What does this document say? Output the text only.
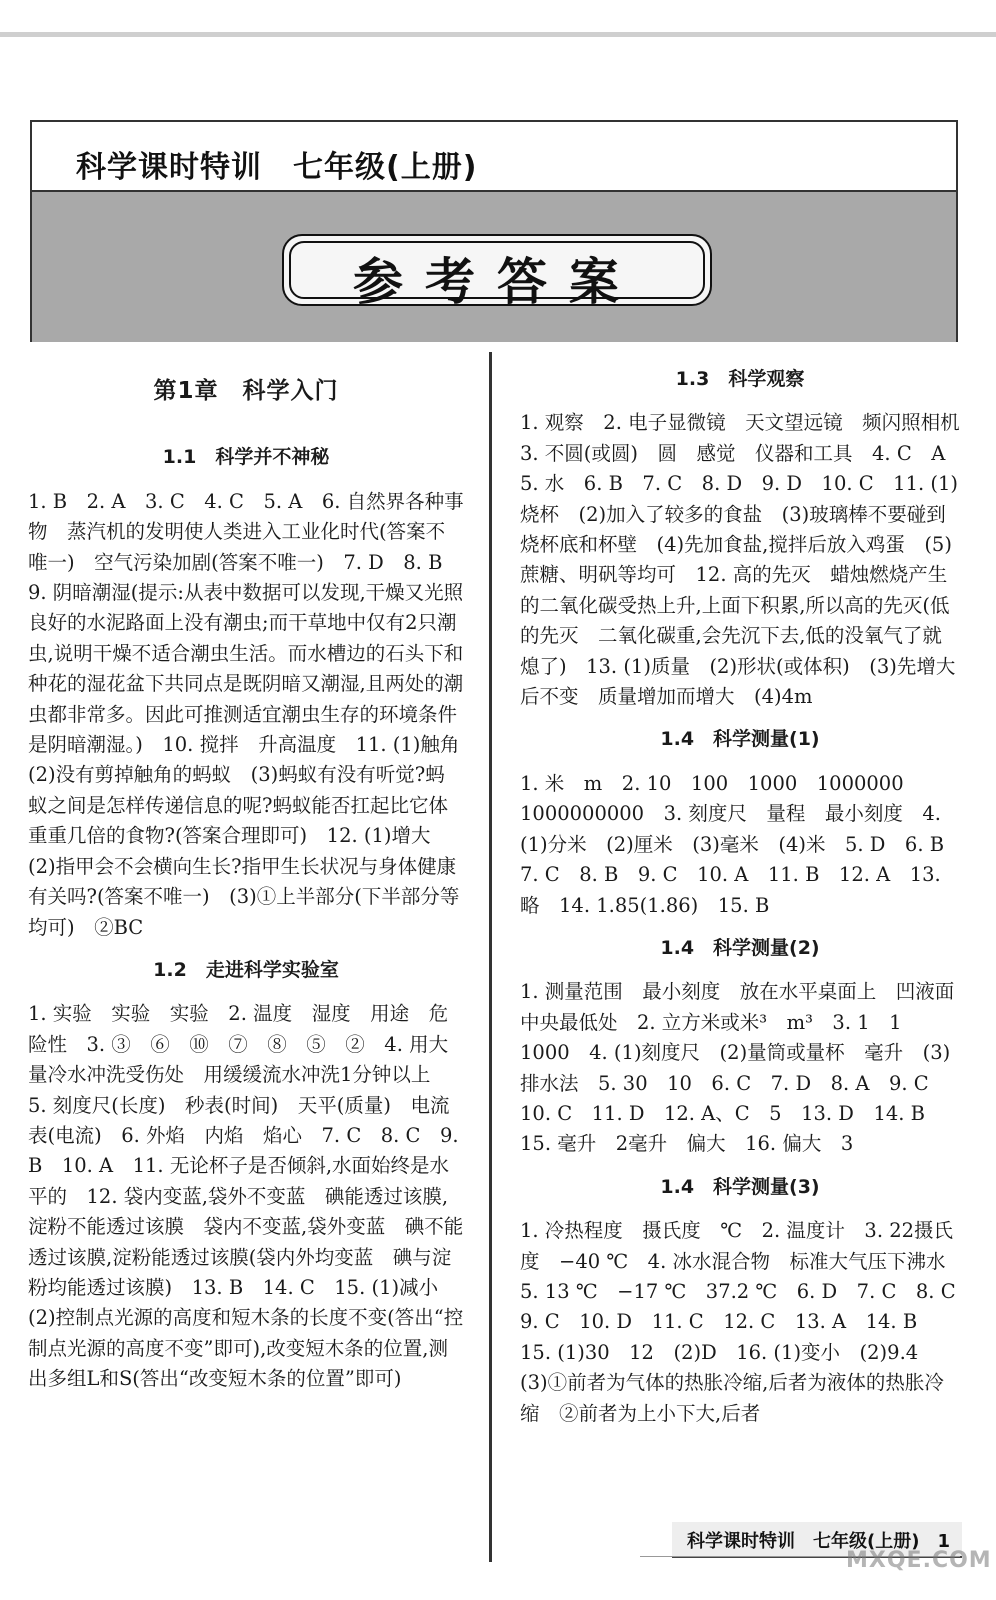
科学课时特训　七年级(上册)
参考答案
第1章　科学入门
1.1　科学并不神秘

1. B　2. A　3. C　4. C　5. A　6. 自然界各种事物　蒸汽机的发明使人类进入工业化时代(答案不唯一)　空气污染加剧(答案不唯一)　7. D　8. B　9. 阴暗潮湿(提示:从表中数据可以发现,干燥又光照良好的水泥路面上没有潮虫;而干草地中仅有2只潮虫,说明干燥不适合潮虫生活。而水槽边的石头下和种花的湿花盆下共同点是既阴暗又潮湿,且两处的潮虫都非常多。因此可推测适宜潮虫生存的环境条件是阴暗潮湿。)　10. 搅拌　升高温度　11. (1)触角　(2)没有剪掉触角的蚂蚁　(3)蚂蚁有没有听觉?蚂蚁之间是怎样传递信息的呢?蚂蚁能否扛起比它体重重几倍的食物?(答案合理即可)　12. (1)增大　(2)指甲会不会横向生长?指甲生长状况与身体健康有关吗?(答案不唯一)　(3)①上半部分(下半部分等均可)　②BC

1.2　走进科学实验室

1. 实验　实验　实验　2. 温度　湿度　用途　危险性　3. ③　⑥　⑩　⑦　⑧　⑤　②　4. 用大量冷水冲洗受伤处　用缓缓流水冲洗1分钟以上　5. 刻度尺(长度)　秒表(时间)　天平(质量)　电流表(电流)　6. 外焰　内焰　焰心　7. C　8. C　9. B　10. A　11. 无论杯子是否倾斜,水面始终是水平的　12. 袋内变蓝,袋外不变蓝　碘能透过该膜,淀粉不能透过该膜　袋内不变蓝,袋外变蓝　碘不能透过该膜,淀粉能透过该膜(袋内外均变蓝　碘与淀粉均能透过该膜)　13. B　14. C　15. (1)减小　(2)控制点光源的高度和短木条的长度不变(答出“控制点光源的高度不变”即可),改变短木条的位置,测出多组L和S(答出“改变短木条的位置”即可)

1.3　科学观察

1. 观察　2. 电子显微镜　天文望远镜　频闪照相机　3. 不圆(或圆)　圆　感觉　仪器和工具　4. C　A　5. 水　6. B　7. C　8. D　9. D　10. C　11. (1)烧杯　(2)加入了较多的食盐　(3)玻璃棒不要碰到烧杯底和杯壁　(4)先加食盐,搅拌后放入鸡蛋　(5)蔗糖、明矾等均可　12. 高的先灭　蜡烛燃烧产生的二氧化碳受热上升,上面下积累,所以高的先灭(低的先灭　二氧化碳重,会先沉下去,低的没氧气了就熄了)　13. (1)质量　(2)形状(或体积)　(3)先增大后不变　质量增加而增大　(4)4m

1.4　科学测量(1)

1. 米　m　2. 10　100　1000　1000000　1000000000　3. 刻度尺　量程　最小刻度　4. (1)分米　(2)厘米　(3)毫米　(4)米　5. D　6. B　7. C　8. B　9. C　10. A　11. B　12. A　13. 略　14. 1.85(1.86)　15. B

1.4　科学测量(2)

1. 测量范围　最小刻度　放在水平桌面上　凹液面中央最低处　2. 立方米或米³　m³　3. 1　1　1000　4. (1)刻度尺　(2)量筒或量杯　毫升　(3)排水法　5. 30　10　6. C　7. D　8. A　9. C　10. C　11. D　12. A、C　5　13. D　14. B　15. 毫升　2毫升　偏大　16. 偏大　3

1.4　科学测量(3)

1. 冷热程度　摄氏度　℃　2. 温度计　3. 22摄氏度　−40 ℃　4. 冰水混合物　标准大气压下沸水　5. 13 ℃　−17 ℃　37.2 ℃　6. D　7. C　8. C　9. C　10. D　11. C　12. C　13. A　14. B　15. (1)30　12　(2)D　16. (1)变小　(2)9.4　(3)①前者为气体的热胀冷缩,后者为液体的热胀冷缩　②前者为上小下大,后者

科学课时特训　七年级(上册)　1
MXQE.COM
